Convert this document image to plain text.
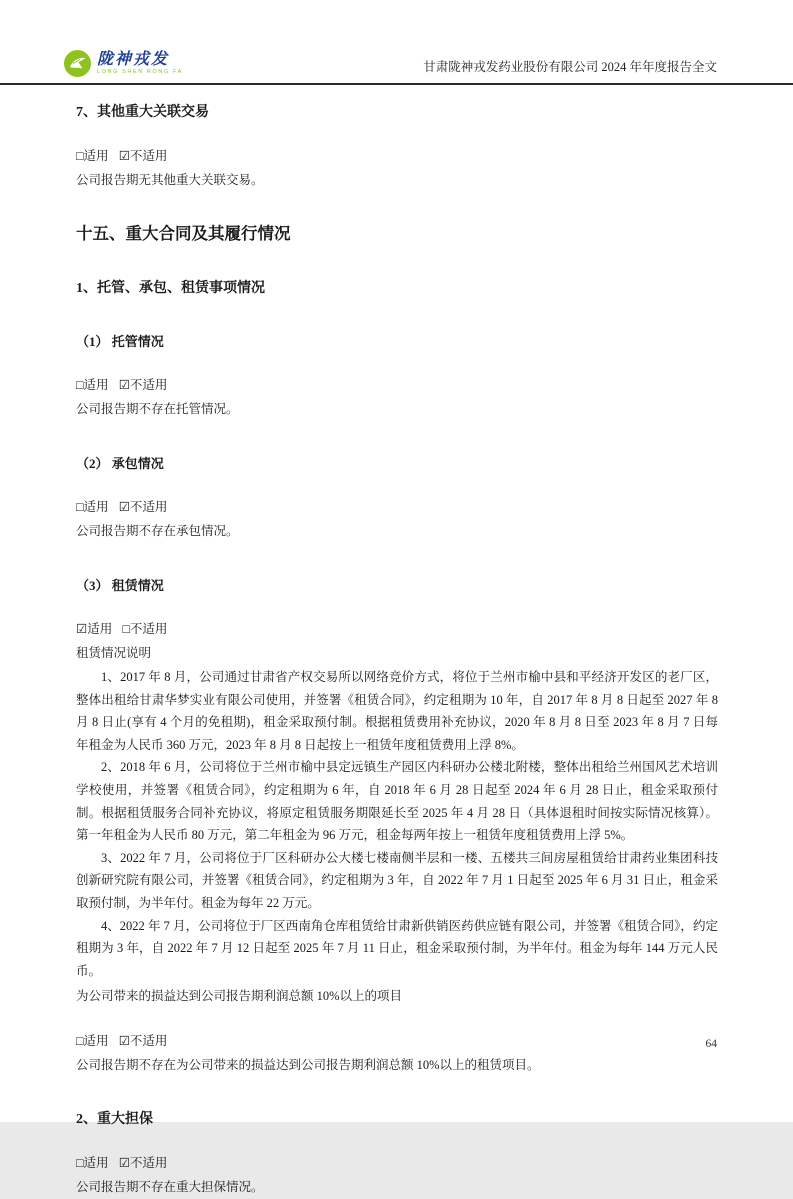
陇神戎发
LONG SHEN RONG FA	甘肃陇神戎发药业股份有限公司 2024 年年度报告全文
7、其他重大关联交易
□适用 ☑不适用
公司报告期无其他重大关联交易。
十五、重大合同及其履行情况
1、托管、承包、租赁事项情况
（1） 托管情况
□适用 ☑不适用
公司报告期不存在托管情况。
（2） 承包情况
□适用 ☑不适用
公司报告期不存在承包情况。
（3） 租赁情况
☑适用 □不适用
租赁情况说明
1、2017 年 8 月，公司通过甘肃省产权交易所以网络竞价方式，将位于兰州市榆中县和平经济开发区的老厂区，整体出租给甘肃华梦实业有限公司使用，并签署《租赁合同》，约定租期为 10 年，自 2017 年 8 月 8 日起至 2027 年 8 月 8 日止(享有 4 个月的免租期)，租金采取预付制。根据租赁费用补充协议，2020 年 8 月 8 日至 2023 年 8 月 7 日每年租金为人民币 360 万元，2023 年 8 月 8 日起按上一租赁年度租赁费用上浮 8%。
2、2018 年 6 月，公司将位于兰州市榆中县定远镇生产园区内科研办公楼北附楼，整体出租给兰州国风艺术培训学校使用，并签署《租赁合同》，约定租期为 6 年，自 2018 年 6 月 28 日起至 2024 年 6 月 28 日止，租金采取预付制。根据租赁服务合同补充协议，将原定租赁服务期限延长至 2025 年 4 月 28 日（具体退租时间按实际情况核算）。第一年租金为人民币 80 万元，第二年租金为 96 万元，租金每两年按上一租赁年度租赁费用上浮 5%。
3、2022 年 7 月，公司将位于厂区科研办公大楼七楼南侧半层和一楼、五楼共三间房屋租赁给甘肃药业集团科技创新研究院有限公司，并签署《租赁合同》，约定租期为 3 年，自 2022 年 7 月 1 日起至 2025 年 6 月 31 日止，租金采取预付制，为半年付。租金为每年 22 万元。
4、2022 年 7 月，公司将位于厂区西南角仓库租赁给甘肃新供销医药供应链有限公司，并签署《租赁合同》，约定租期为 3 年，自 2022 年 7 月 12 日起至 2025 年 7 月 11 日止，租金采取预付制，为半年付。租金为每年 144 万元人民币。
为公司带来的损益达到公司报告期利润总额 10%以上的项目
□适用 ☑不适用
公司报告期不存在为公司带来的损益达到公司报告期利润总额 10%以上的租赁项目。
2、重大担保
□适用 ☑不适用
公司报告期不存在重大担保情况。
64
